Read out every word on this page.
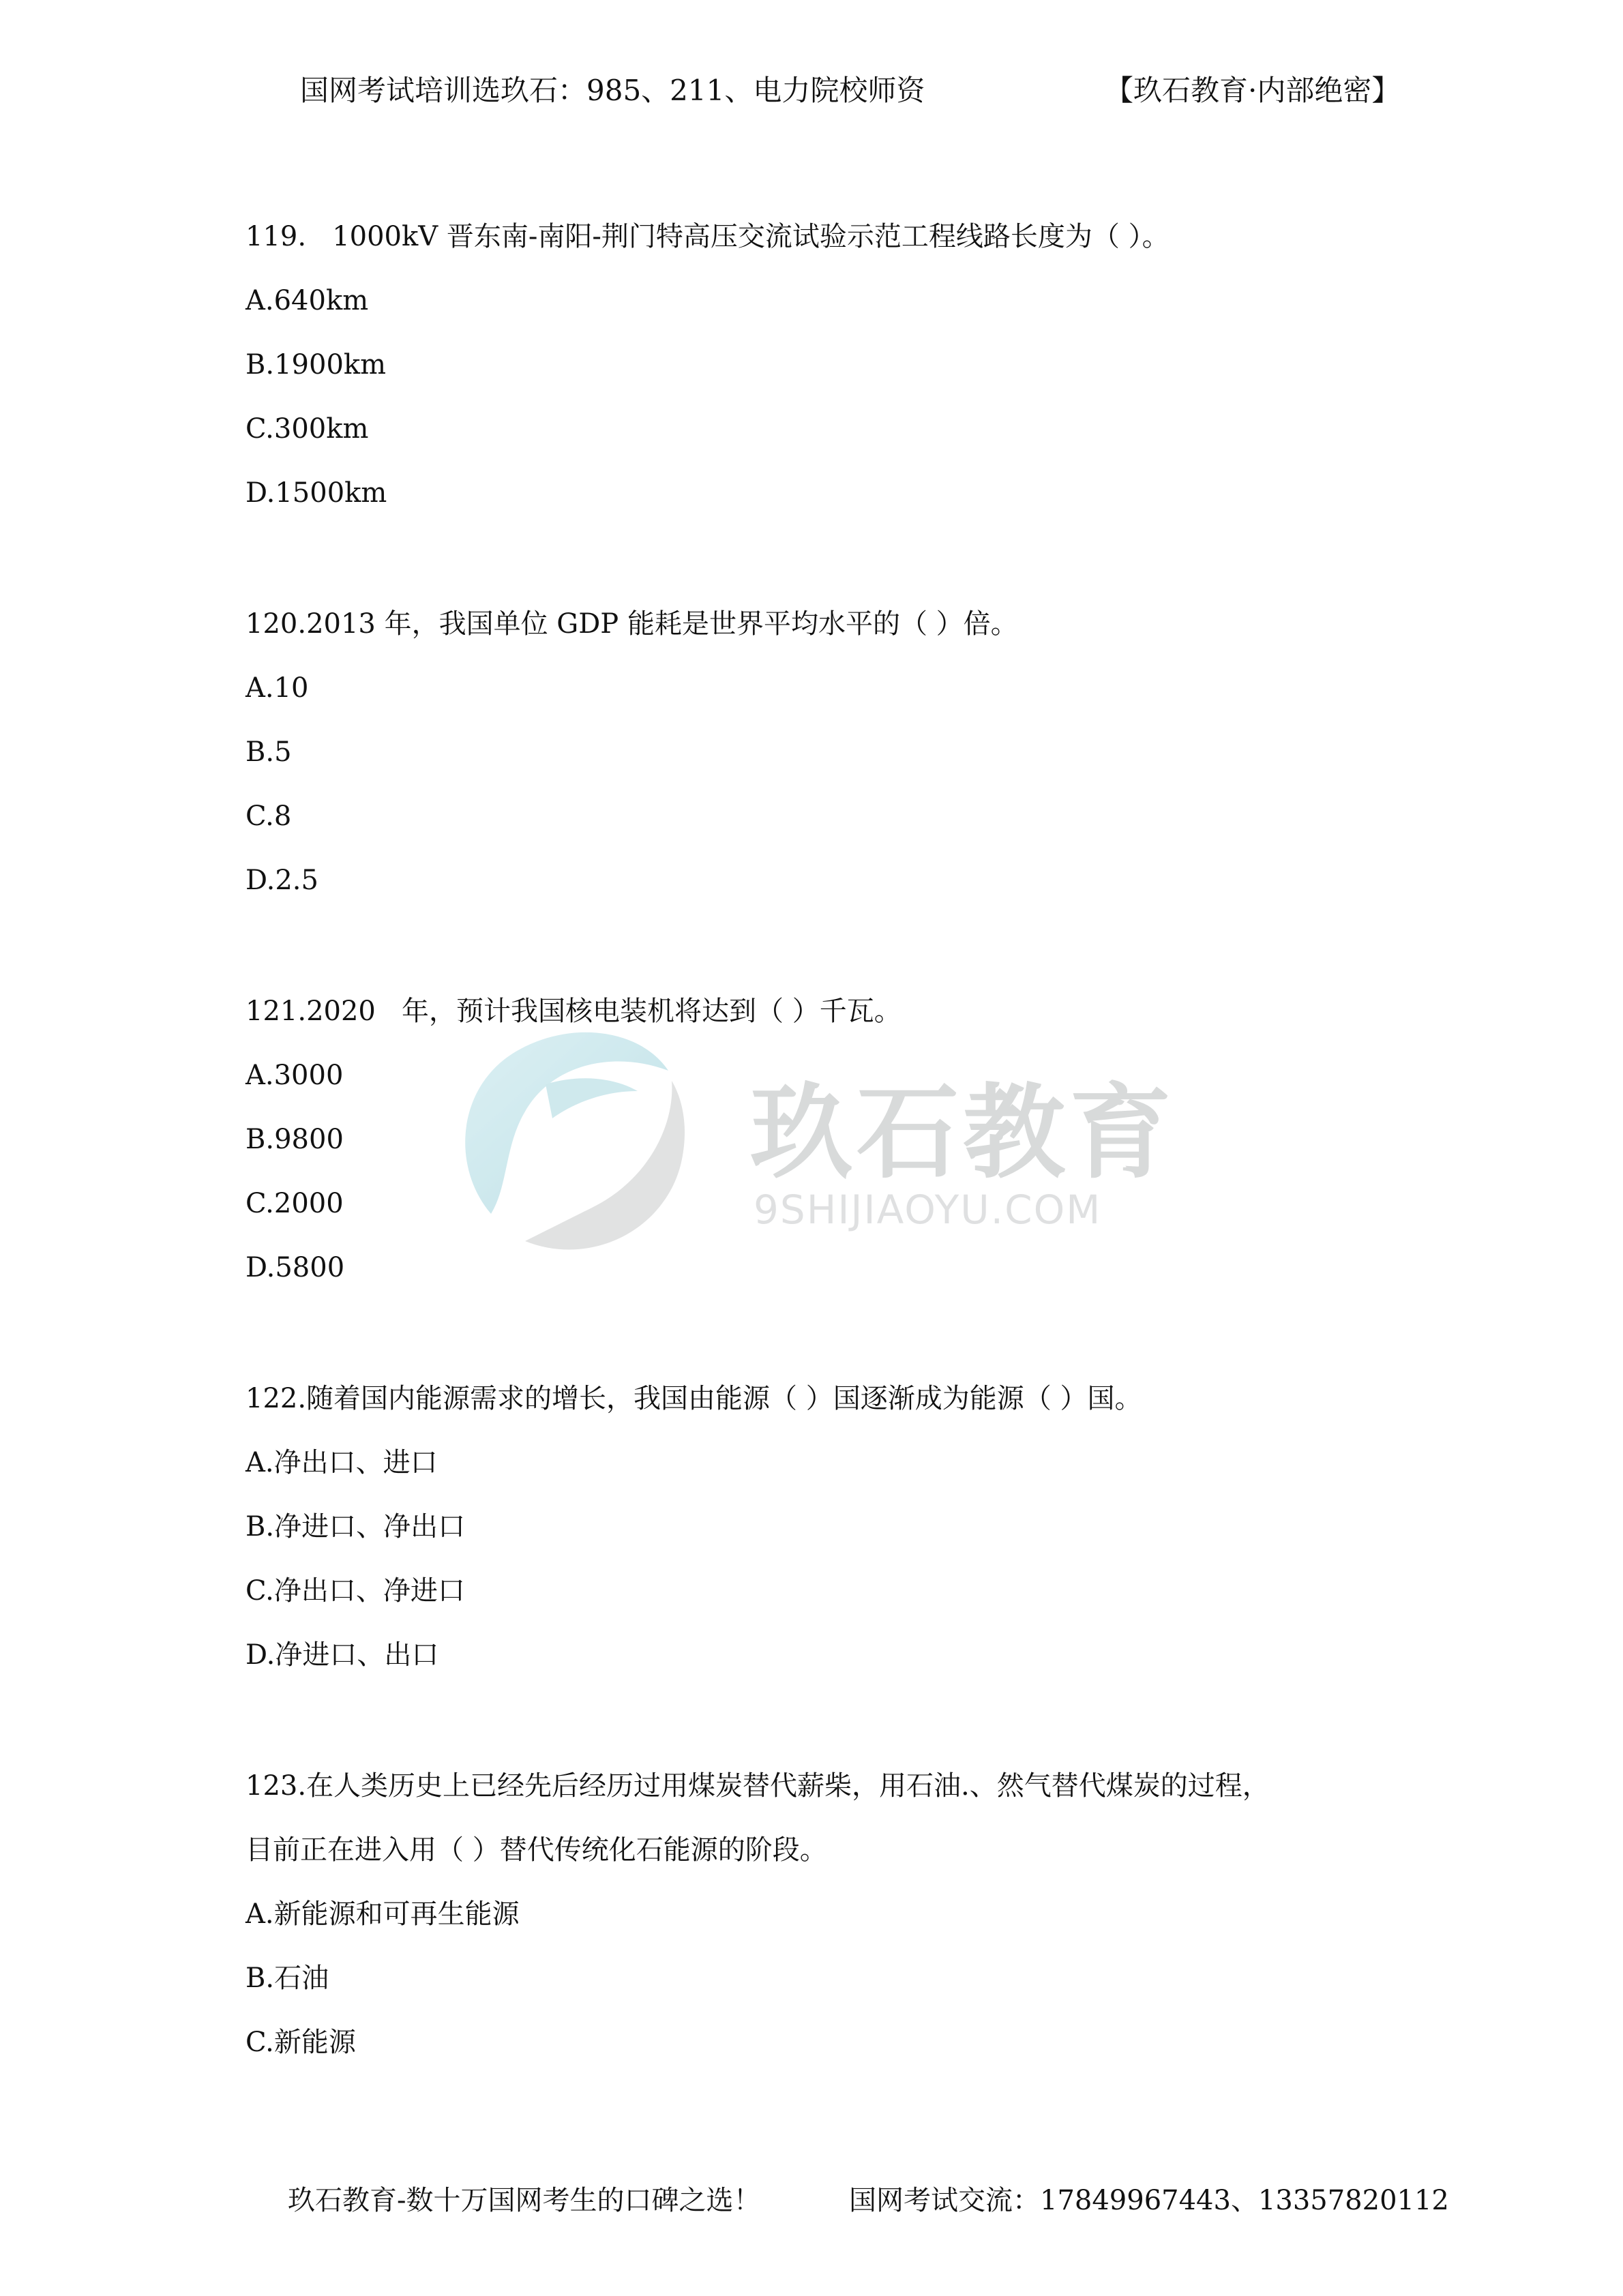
国网考试培训选玖石：985、211、电力院校师资	【玖石教育·内部绝密】
玖石教育
9SHIJIAOYU.COM
119.   1000kV 晋东南-南阳-荆门特高压交流试验示范工程线路长度为（ ）。
A.640km
B.1900km
C.300km
D.1500km
120.2013 年，我国单位 GDP 能耗是世界平均水平的（ ）倍。
A.10
B.5
C.8
D.2.5
121.2020   年，预计我国核电装机将达到（ ）千瓦。
A.3000
B.9800
C.2000
D.5800
122.随着国内能源需求的增长，我国由能源（ ）国逐渐成为能源（ ）国。
A.净出口、进口
B.净进口、净出口
C.净出口、净进口
D.净进口、出口
123.在人类历史上已经先后经历过用煤炭替代薪柴，用石油.、然气替代煤炭的过程，
目前正在进入用（ ）替代传统化石能源的阶段。
A.新能源和可再生能源
B.石油
C.新能源
玖石教育-数十万国网考生的口碑之选！	国网考试交流：17849967443、13357820112
